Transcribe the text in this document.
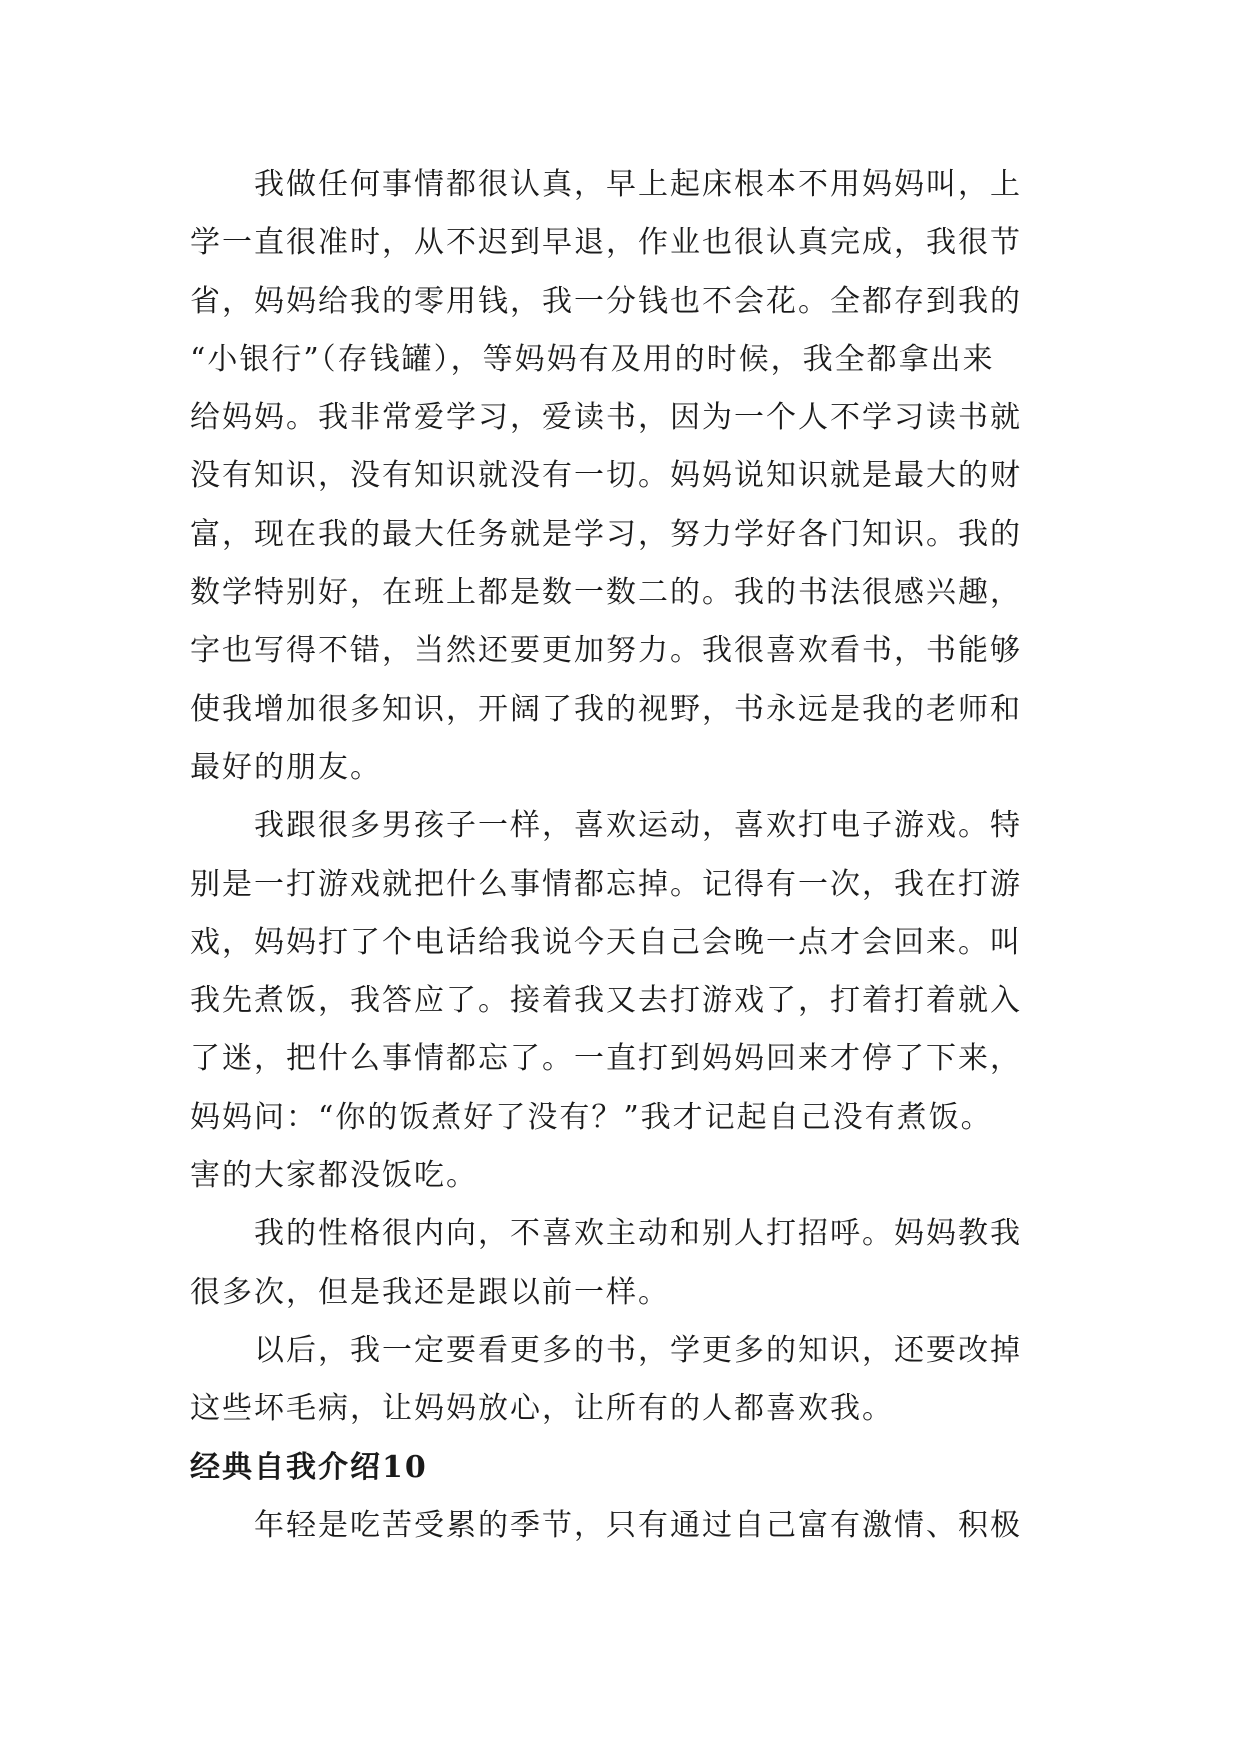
我做任何事情都很认真，早上起床根本不用妈妈叫，上
学一直很准时，从不迟到早退，作业也很认真完成，我很节
省，妈妈给我的零用钱，我一分钱也不会花。全都存到我的
“小银行”（存钱罐），等妈妈有及用的时候，我全都拿出来
给妈妈。我非常爱学习，爱读书，因为一个人不学习读书就
没有知识，没有知识就没有一切。妈妈说知识就是最大的财
富，现在我的最大任务就是学习，努力学好各门知识。我的
数学特别好，在班上都是数一数二的。我的书法很感兴趣，
字也写得不错，当然还要更加努力。我很喜欢看书，书能够
使我增加很多知识，开阔了我的视野，书永远是我的老师和
最好的朋友。

我跟很多男孩子一样，喜欢运动，喜欢打电子游戏。特
别是一打游戏就把什么事情都忘掉。记得有一次，我在打游
戏，妈妈打了个电话给我说今天自己会晚一点才会回来。叫
我先煮饭，我答应了。接着我又去打游戏了，打着打着就入
了迷，把什么事情都忘了。一直打到妈妈回来才停了下来，
妈妈问：“你的饭煮好了没有？”我才记起自己没有煮饭。
害的大家都没饭吃。

我的性格很内向，不喜欢主动和别人打招呼。妈妈教我
很多次，但是我还是跟以前一样。

以后，我一定要看更多的书，学更多的知识，还要改掉
这些坏毛病，让妈妈放心，让所有的人都喜欢我。

经典自我介绍10

年轻是吃苦受累的季节，只有通过自己富有激情、积极
